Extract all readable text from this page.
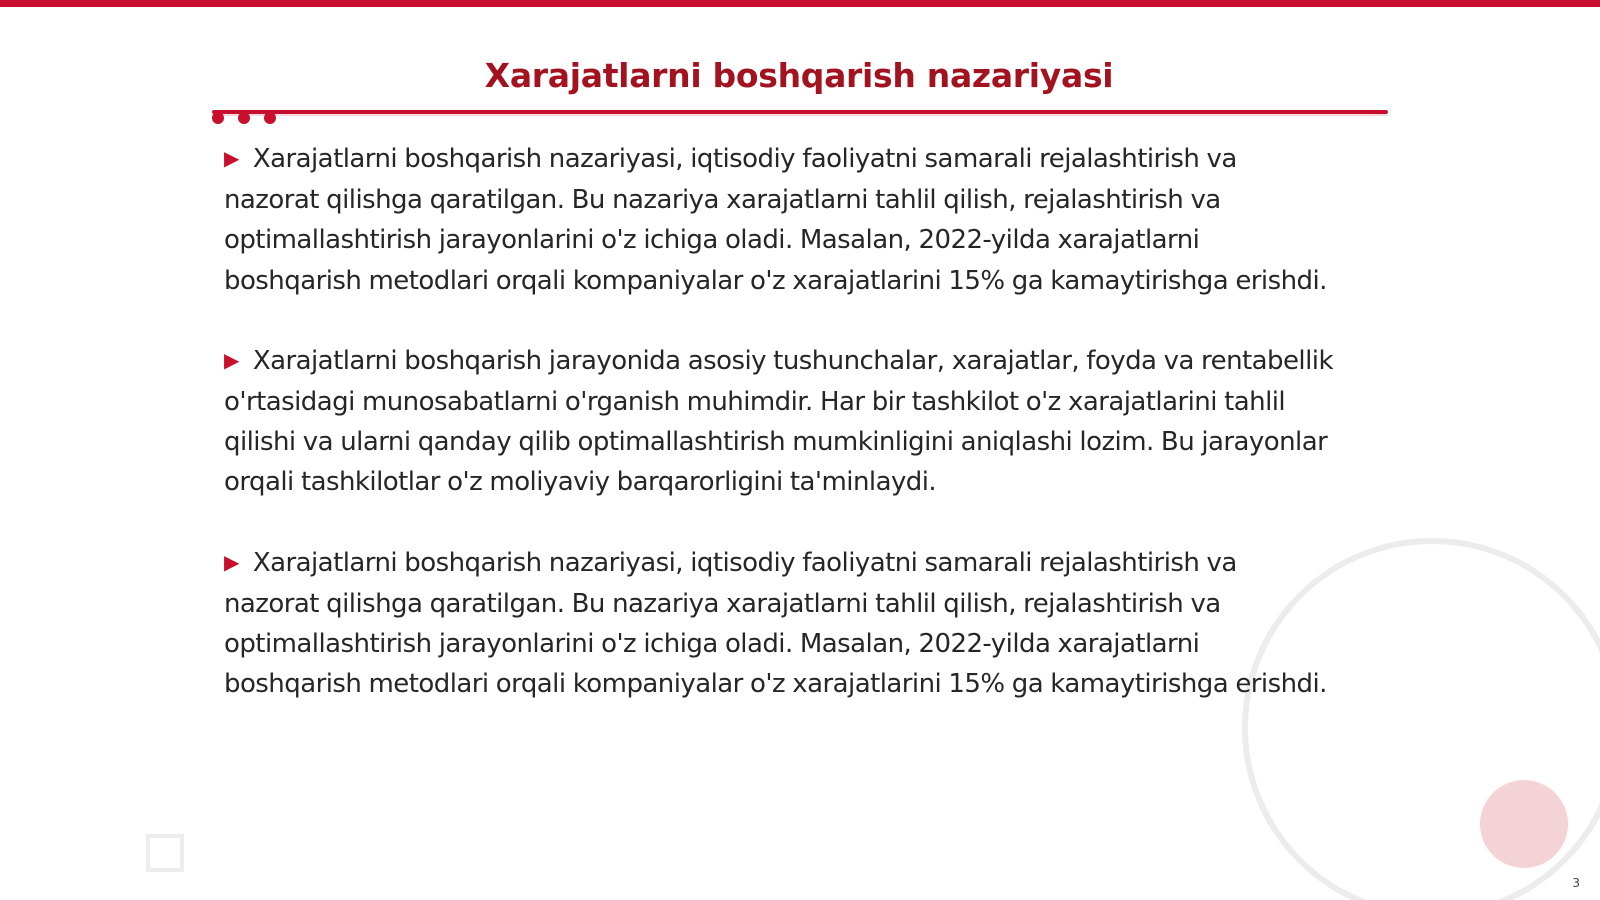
Xarajatlarni boshqarish nazariyasi

▶ Xarajatlarni boshqarish nazariyasi, iqtisodiy faoliyatni samarali rejalashtirish va nazorat qilishga qaratilgan. Bu nazariya xarajatlarni tahlil qilish, rejalashtirish va optimallashtirish jarayonlarini o'z ichiga oladi. Masalan, 2022-yilda xarajatlarni boshqarish metodlari orqali kompaniyalar o'z xarajatlarini 15% ga kamaytirishga erishdi.

▶ Xarajatlarni boshqarish jarayonida asosiy tushunchalar, xarajatlar, foyda va rentabellik o'rtasidagi munosabatlarni o'rganish muhimdir. Har bir tashkilot o'z xarajatlarini tahlil qilishi va ularni qanday qilib optimallashtirish mumkinligini aniqlashi lozim. Bu jarayonlar orqali tashkilotlar o'z moliyaviy barqarorligini ta'minlaydi.

▶ Xarajatlarni boshqarish nazariyasi, iqtisodiy faoliyatni samarali rejalashtirish va nazorat qilishga qaratilgan. Bu nazariya xarajatlarni tahlil qilish, rejalashtirish va optimallashtirish jarayonlarini o'z ichiga oladi. Masalan, 2022-yilda xarajatlarni boshqarish metodlari orqali kompaniyalar o'z xarajatlarini 15% ga kamaytirishga erishdi.

3
